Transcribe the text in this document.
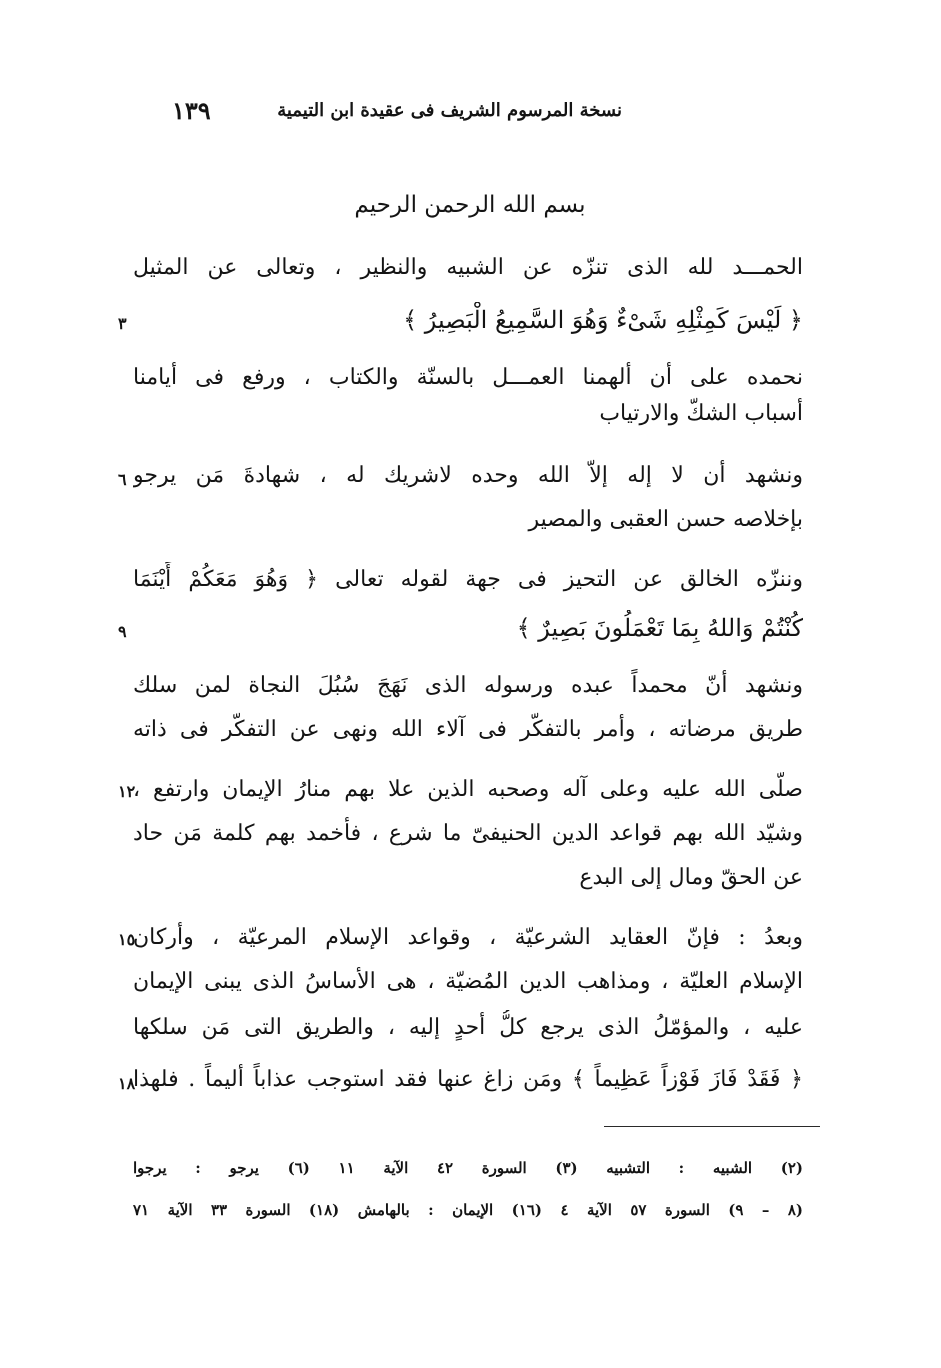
١٣٩	نسخة المرسوم الشريف فى عقيدة ابن التيمية
بسم الله الرحمن الرحيم
الحمـــد لله الذى تنزّه عن الشبيه والنظير ، وتعالى عن المثيل
﴿ لَيْسَ كَمِثْلِهِ شَىْءٌ وَهُوَ السَّمِيعُ الْبَصِيرُ ﴾
نحمده على أن ألهمنا العمـــل بالسنّة والكتاب ، ورفع فى أيامنا
أسباب الشكّ والارتياب
ونشهد أن لا إله إلاّ الله وحده لاشريك له ، شهادةَ مَن يرجو
بإخلاصه حسن العقبى والمصير
وننزّه الخالق عن التحيز فى جهة لقوله تعالى ﴿ وَهُوَ مَعَكُمْ أَيْنَمَا
كُنْتُمْ وَاللهُ بِمَا تَعْمَلُونَ بَصِيرٌ ﴾
ونشهد أنّ محمداً عبده ورسوله الذى نَهَجَ سُبُلَ النجاة لمن سلك
طريق مرضاته ، وأمر بالتفكّر فى آلاء الله ونهى عن التفكّر فى ذاته
صلّى الله عليه وعلى آله وصحبه الذين علا بهم منارُ الإيمان وارتفع ،
وشيّد الله بهم قواعد الدين الحنيفىّ ما شرع ، فأخمد بهم كلمة مَن حاد
عن الحقّ ومال إلى البدع
وبعدُ : فإنّ العقايد الشرعيّة ، وقواعد الإسلام المرعيّة ، وأركان
الإسلام العليّة ، ومذاهب الدين المُضيّة ، هى الأساسُ الذى يبنى الإيمان
عليه ، والمؤمّلُ الذى يرجع كلُّ أحدٍ إليه ، والطريق التى مَن سلكها
﴿ فَقَدْ فَازَ فَوْزاً عَظِيماً ﴾ ومَن زاغ عنها فقد استوجب عذاباً أليماً . فلهذا
٣
٦
٩
١٢
١٥
١٨
(٢) الشبيه : التشبيه (٣) السورة ٤٢ الآية ١١ (٦) يرجو : يرجوا
(٨ – ٩) السورة ٥٧ الآية ٤ (١٦) الإيمان : بالهامش (١٨) السورة ٣٣ الآية ٧١
